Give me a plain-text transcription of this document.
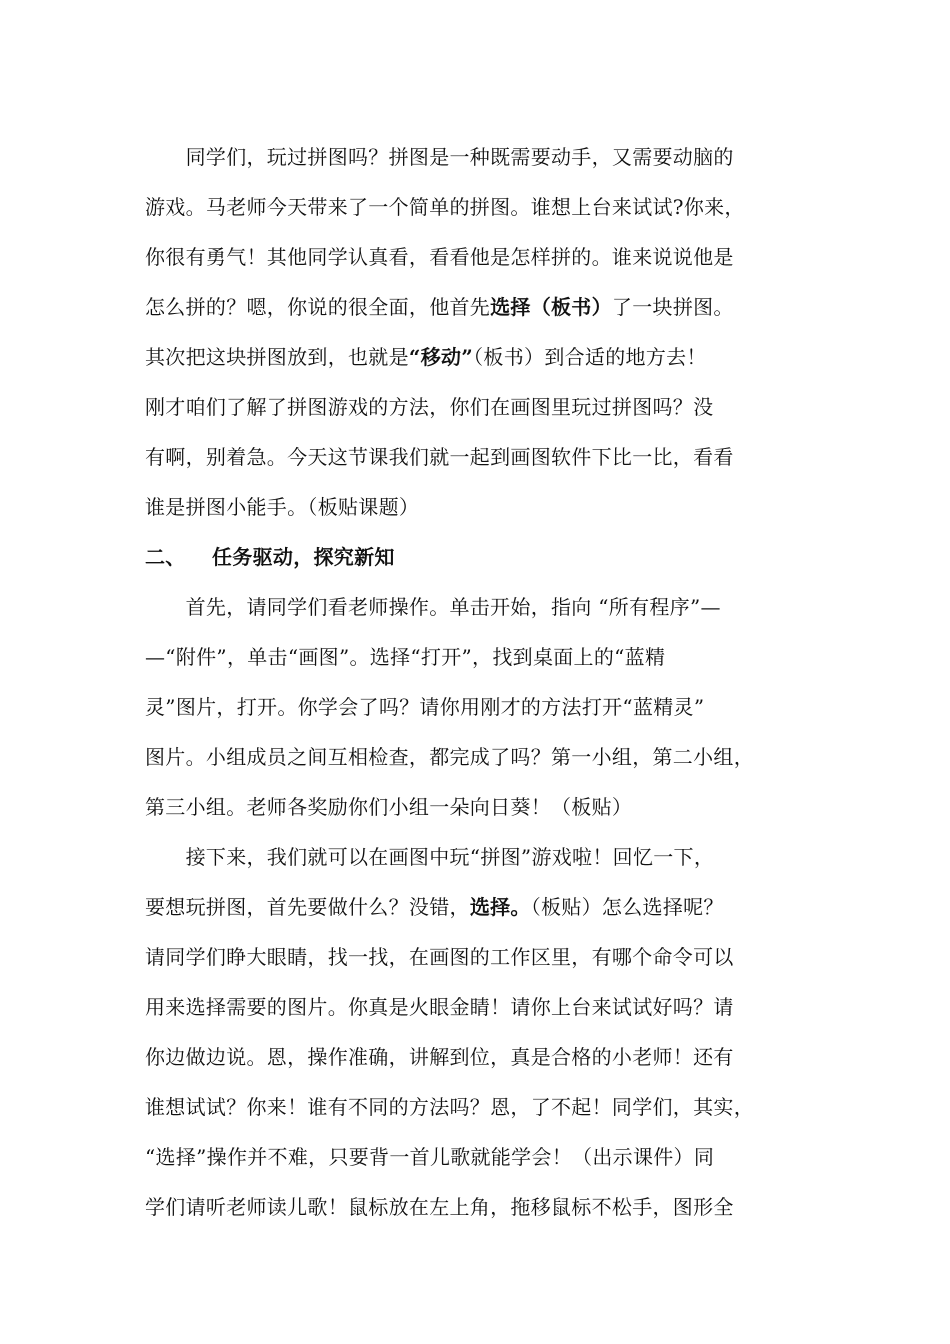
　　同学们，玩过拼图吗？拼图是一种既需要动手，又需要动脑的
游戏。马老师今天带来了一个简单的拼图。谁想上台来试试?你来，
你很有勇气！其他同学认真看，看看他是怎样拼的。谁来说说他是
怎么拼的？嗯，你说的很全面，他首先选择（板书）了一块拼图。
其次把这块拼图放到，也就是“移动”（板书）到合适的地方去！
刚才咱们了解了拼图游戏的方法，你们在画图里玩过拼图吗？没
有啊，别着急。今天这节课我们就一起到画图软件下比一比，看看
谁是拼图小能手。（板贴课题）
二、 任务驱动，探究新知
　　首先，请同学们看老师操作。单击开始，指向 “所有程序”—
—“附件”，单击“画图”。选择“打开”，找到桌面上的“蓝精
灵”图片，打开。你学会了吗？请你用刚才的方法打开“蓝精灵”
图片。小组成员之间互相检查，都完成了吗？第一小组，第二小组，
第三小组。老师各奖励你们小组一朵向日葵！（板贴）
　　接下来，我们就可以在画图中玩“拼图”游戏啦！回忆一下，
要想玩拼图，首先要做什么？没错，选择。（板贴）怎么选择呢？
请同学们睁大眼睛，找一找，在画图的工作区里，有哪个命令可以
用来选择需要的图片。你真是火眼金睛！请你上台来试试好吗？请
你边做边说。恩，操作准确，讲解到位，真是合格的小老师！还有
谁想试试？你来！谁有不同的方法吗？恩，了不起！同学们，其实，
“选择”操作并不难，只要背一首儿歌就能学会！（出示课件）同
学们请听老师读儿歌！鼠标放在左上角，拖移鼠标不松手，图形全
